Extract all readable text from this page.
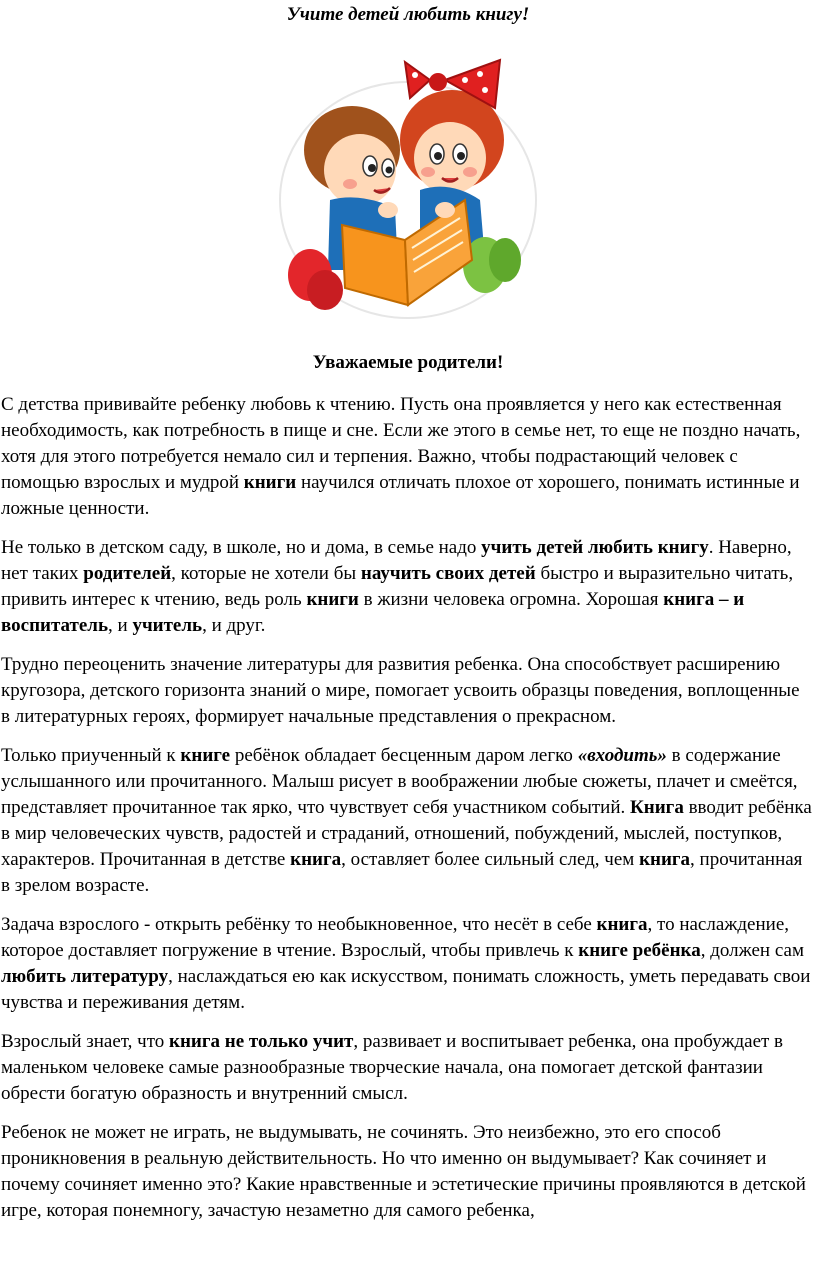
Учите детей любить книгу!
Уважаемые родители!

С детства прививайте ребенку любовь к чтению. Пусть она проявляется у него как естественная необходимость, как потребность в пище и сне. Если же этого в семье нет, то еще не поздно начать, хотя для этого потребуется немало сил и терпения. Важно, чтобы подрастающий человек с помощью взрослых и мудрой книги научился отличать плохое от хорошего, понимать истинные и ложные ценности.

Не только в детском саду, в школе, но и дома, в семье надо учить детей любить книгу. Наверно, нет таких родителей, которые не хотели бы научить своих детей быстро и выразительно читать, привить интерес к чтению, ведь роль книги в жизни человека огромна. Хорошая книга – и воспитатель, и учитель, и друг.

Трудно переоценить значение литературы для развития ребенка. Она способствует расширению кругозора, детского горизонта знаний о мире, помогает усвоить образцы поведения, воплощенные в литературных героях, формирует начальные представления о прекрасном.

Только приученный к книге ребёнок обладает бесценным даром легко «входить» в содержание услышанного или прочитанного. Малыш рисует в воображении любые сюжеты, плачет и смеётся, представляет прочитанное так ярко, что чувствует себя участником событий. Книга вводит ребёнка в мир человеческих чувств, радостей и страданий, отношений, побуждений, мыслей, поступков, характеров. Прочитанная в детстве книга, оставляет более сильный след, чем книга, прочитанная в зрелом возрасте.

Задача взрослого - открыть ребёнку то необыкновенное, что несёт в себе книга, то наслаждение, которое доставляет погружение в чтение. Взрослый, чтобы привлечь к книге ребёнка, должен сам любить литературу, наслаждаться ею как искусством, понимать сложность, уметь передавать свои чувства и переживания детям.

Взрослый знает, что книга не только учит, развивает и воспитывает ребенка, она пробуждает в маленьком человеке самые разнообразные творческие начала, она помогает детской фантазии обрести богатую образность и внутренний смысл.

Ребенок не может не играть, не выдумывать, не сочинять. Это неизбежно, это его способ проникновения в реальную действительность. Но что именно он выдумывает? Как сочиняет и почему сочиняет именно это? Какие нравственные и эстетические причины проявляются в детской игре, которая понемногу, зачастую незаметно для самого ребенка,
